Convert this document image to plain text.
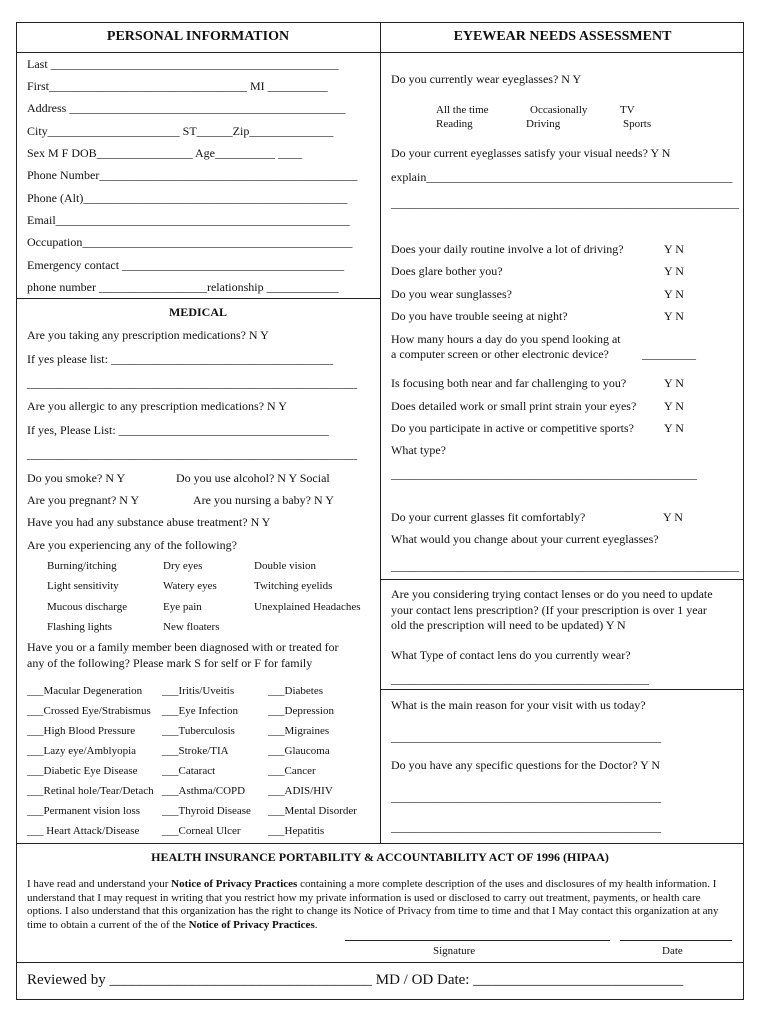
PERSONAL INFORMATION	EYEWEAR NEEDS ASSESSMENT
Last ________________________________________________
First_________________________________ MI __________
Address ______________________________________________
City______________________ ST______Zip______________
Sex M F DOB________________ Age__________ ____
Phone Number___________________________________________
Phone (Alt)____________________________________________
Email_________________________________________________
Occupation_____________________________________________
Emergency contact _____________________________________
phone number __________________relationship ____________
MEDICAL
Are you taking any prescription medications? N Y
If yes please list: _____________________________________
_______________________________________________________
Are you allergic to any prescription medications? N Y
If yes, Please List: ___________________________________
_______________________________________________________
Do you smoke? N Y	Do you use alcohol? N Y Social
Are you pregnant? N Y	Are you nursing a baby? N Y
Have you had any substance abuse treatment? N Y
Are you experiencing any of the following?
Burning/itching	Dry eyes	Double vision
Light sensitivity	Watery eyes	Twitching eyelids
Mucous discharge	Eye pain	Unexplained Headaches
Flashing lights	New floaters
Have you or a family member been diagnosed with or treated for
any of the following? Please mark S for self or F for family
___Macular Degeneration ___Iritis/Uveitis	___Diabetes
___Crossed Eye/Strabismus ___Eye Infection	___Depression
___High Blood Pressure ___Tuberculosis	___Migraines
___Lazy eye/Amblyopia ___Stroke/TIA	___Glaucoma
___Diabetic Eye Disease ___Cataract	___Cancer
___Retinal hole/Tear/Detach ___Asthma/COPD ___ADIS/HIV
___Permanent vision loss ___Thyroid Disease ___Mental Disorder
___ Heart Attack/Disease ___Corneal Ulcer	___Hepatitis
Do you currently wear eyeglasses? N Y
All the time	Occasionally	TV
Reading	Driving	Sports
Do your current eyeglasses satisfy your visual needs? Y N
explain___________________________________________________
__________________________________________________________
Does your daily routine involve a lot of driving?	Y N
Does glare bother you?	Y N
Do you wear sunglasses?	Y N
Do you have trouble seeing at night?	Y N
How many hours a day do you spend looking at
a computer screen or other electronic device?	_________
Is focusing both near and far challenging to you?	Y N
Does detailed work or small print strain your eyes? Y N
Do you participate in active or competitive sports?	Y N
What type?
___________________________________________________
Do your current glasses fit comfortably?	Y N
What would you change about your current eyeglasses?
__________________________________________________________
Are you considering trying contact lenses or do you need to update
your contact lens prescription? (If your prescription is over 1 year
old the prescription will need to be updated) Y N
What Type of contact lens do you currently wear?
___________________________________________
What is the main reason for your visit with us today?
_____________________________________________
Do you have any specific questions for the Doctor? Y N
_____________________________________________
_____________________________________________
HEALTH INSURANCE PORTABILITY & ACCOUNTABILITY ACT OF 1996 (HIPAA)
I have read and understand your Notice of Privacy Practices containing a more complete description of the uses and disclosures of my health information. I understand that I may request in writing that you restrict how my private information is used or disclosed to carry out treatment, payments, or health care options. I also understand that this organization has the right to change its Notice of Privacy from time to time and that I May contact this organization at any time to obtain a current of the of the Notice of Privacy Practices.
Signature	Date
Reviewed by ___________________________________ MD / OD Date: ____________________________
